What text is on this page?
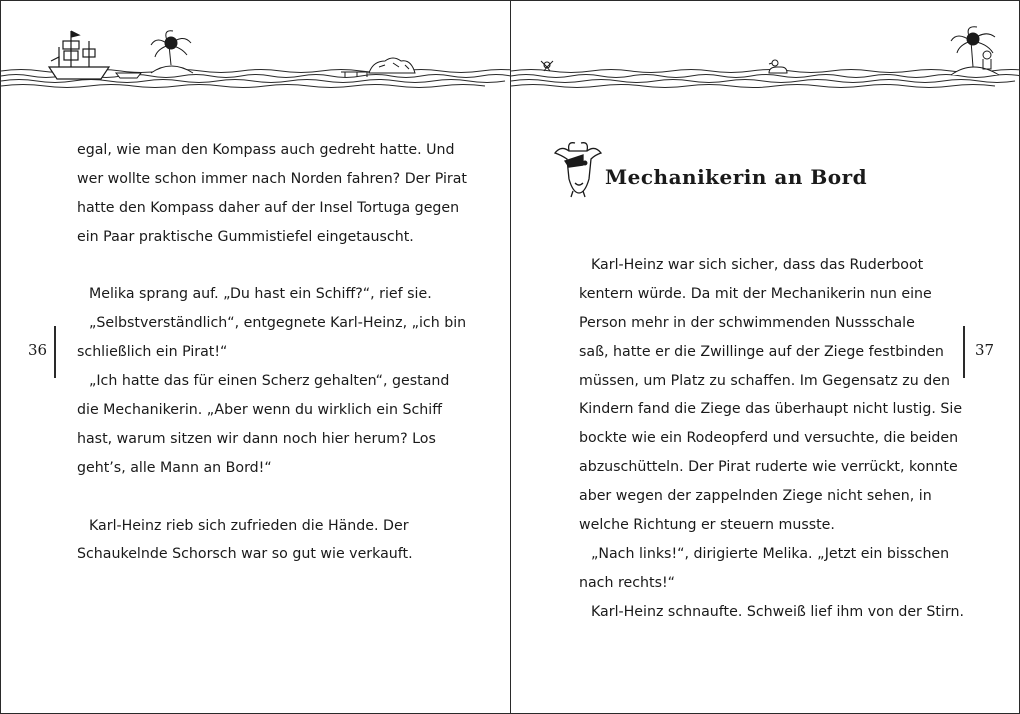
egal, wie man den Kompass auch gedreht hatte. Und
wer wollte schon immer nach Norden fahren? Der Pirat
hatte den Kompass daher auf der Insel Tortuga gegen
ein Paar praktische Gummistiefel eingetauscht.
Melika sprang auf. „Du hast ein Schiff?“, rief sie.
„Selbstverständlich“, entgegnete Karl-Heinz, „ich bin
schließlich ein Pirat!“
„Ich hatte das für einen Scherz gehalten“, gestand
die Mechanikerin. „Aber wenn du wirklich ein Schiff
hast, warum sitzen wir dann noch hier herum? Los
geht’s, alle Mann an Bord!“
Karl-Heinz rieb sich zufrieden die Hände. Der
Schaukelnde Schorsch war so gut wie verkauft.
36
Mechanikerin an Bord
Karl-Heinz war sich sicher, dass das Ruderboot
kentern würde. Da mit der Mechanikerin nun eine
Person mehr in der schwimmenden Nussschale
saß, hatte er die Zwillinge auf der Ziege festbinden
müssen, um Platz zu schaffen. Im Gegensatz zu den
Kindern fand die Ziege das überhaupt nicht lustig. Sie
bockte wie ein Rodeopferd und versuchte, die beiden
abzuschütteln. Der Pirat ruderte wie verrückt, konnte
aber wegen der zappelnden Ziege nicht sehen, in
welche Richtung er steuern musste.
„Nach links!“, dirigierte Melika. „Jetzt ein bisschen
nach rechts!“
Karl-Heinz schnaufte. Schweiß lief ihm von der Stirn.
37
